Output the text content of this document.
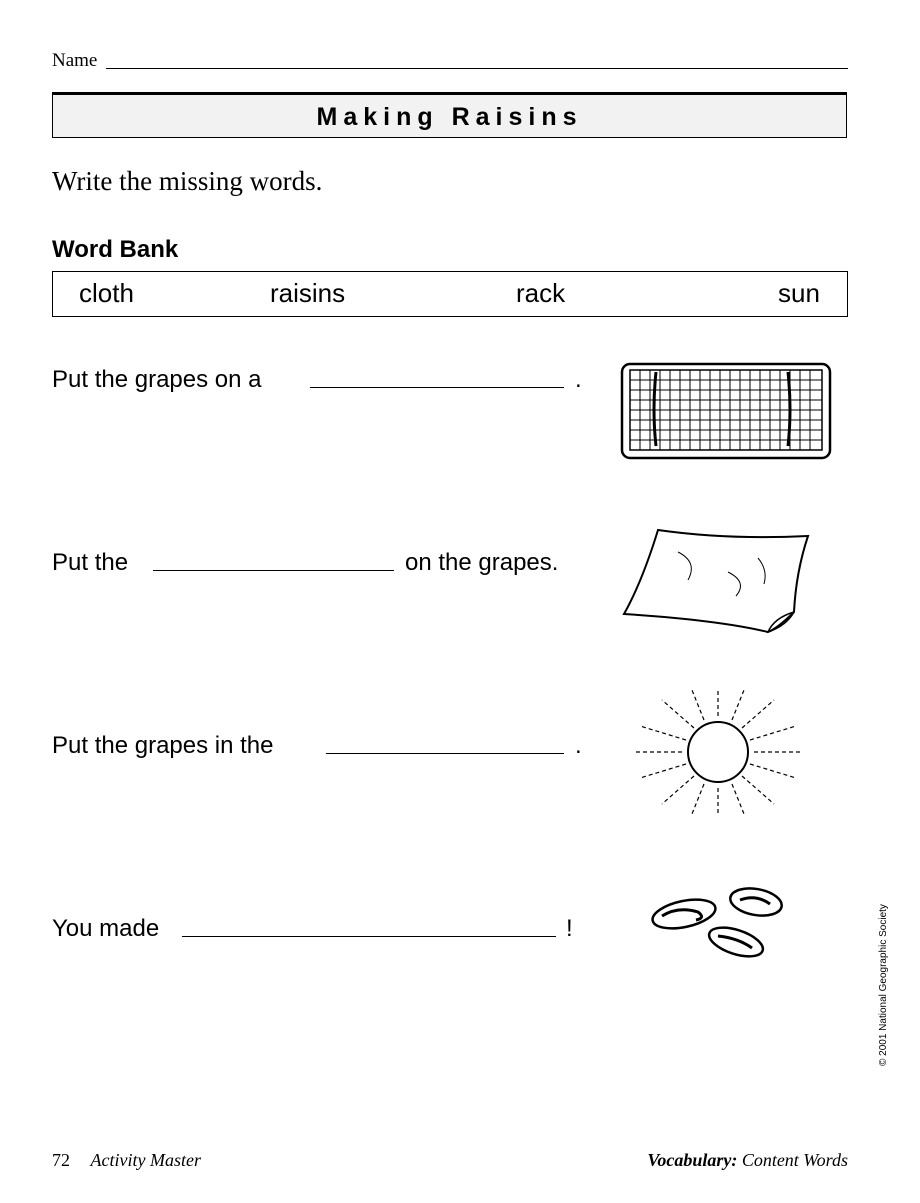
Name
Making Raisins
Write the missing words.
Word Bank
cloth	raisins	rack	sun
Put the grapes on a	.
Put the	on the grapes.
Put the grapes in the	.
You made	!	© 2001 National Geographic Society
72 Activity Master	Vocabulary: Content Words
